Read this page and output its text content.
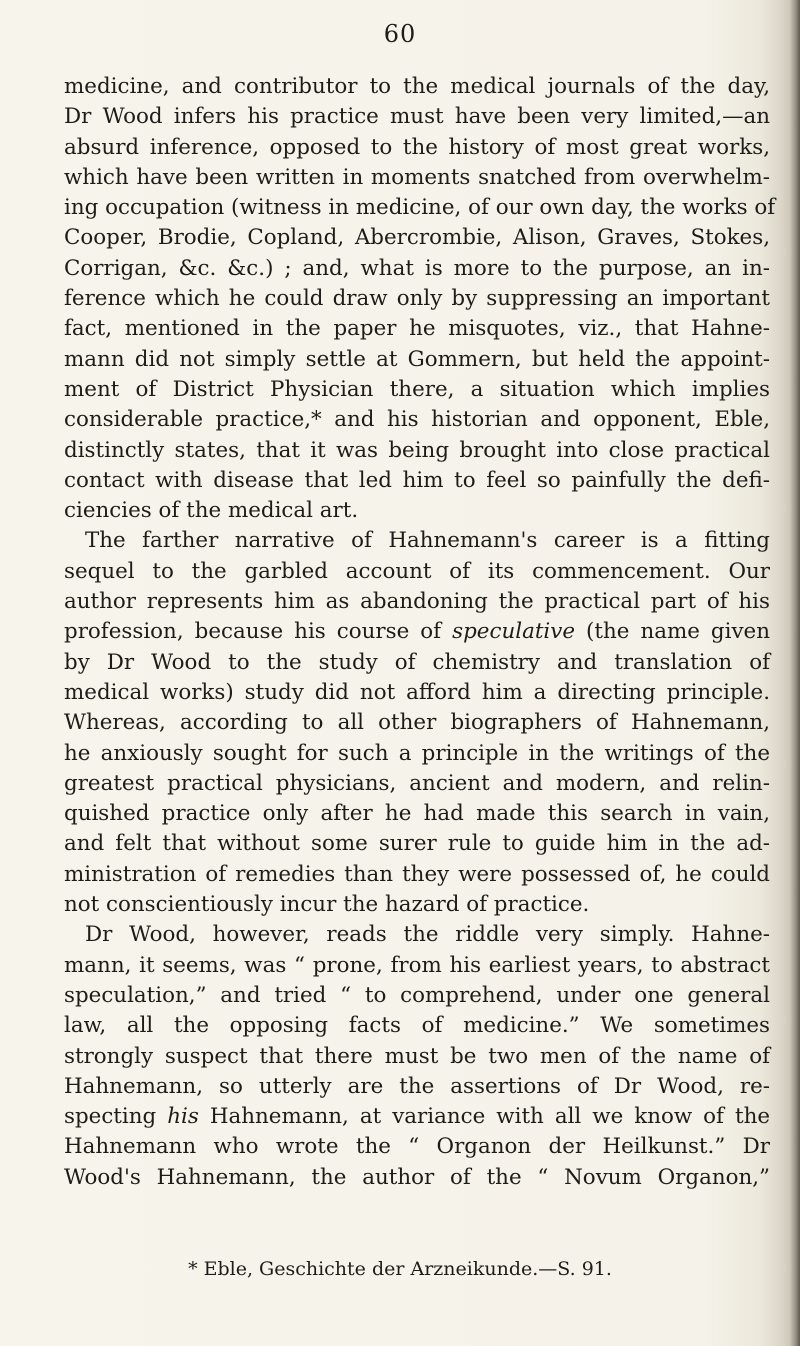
60

medicine, and contributor to the medical journals of the day,
Dr Wood infers his practice must have been very limited,—an
absurd inference, opposed to the history of most great works,
which have been written in moments snatched from overwhelm-
ing occupation (witness in medicine, of our own day, the works of
Cooper, Brodie, Copland, Abercrombie, Alison, Graves, Stokes,
Corrigan, &c. &c.) ; and, what is more to the purpose, an in-
ference which he could draw only by suppressing an important
fact, mentioned in the paper he misquotes, viz., that Hahne-
mann did not simply settle at Gommern, but held the appoint-
ment of District Physician there, a situation which implies
considerable practice,* and his historian and opponent, Eble,
distinctly states, that it was being brought into close practical
contact with disease that led him to feel so painfully the defi-
ciencies of the medical art.
The farther narrative of Hahnemann's career is a fitting
sequel to the garbled account of its commencement. Our
author represents him as abandoning the practical part of his
profession, because his course of speculative (the name given
by Dr Wood to the study of chemistry and translation of
medical works) study did not afford him a directing principle.
Whereas, according to all other biographers of Hahnemann,
he anxiously sought for such a principle in the writings of the
greatest practical physicians, ancient and modern, and relin-
quished practice only after he had made this search in vain,
and felt that without some surer rule to guide him in the ad-
ministration of remedies than they were possessed of, he could
not conscientiously incur the hazard of practice.
Dr Wood, however, reads the riddle very simply. Hahne-
mann, it seems, was “ prone, from his earliest years, to abstract
speculation,” and tried “ to comprehend, under one general
law, all the opposing facts of medicine.” We sometimes
strongly suspect that there must be two men of the name of
Hahnemann, so utterly are the assertions of Dr Wood, re-
specting his Hahnemann, at variance with all we know of the
Hahnemann who wrote the “ Organon der Heilkunst.” Dr
Wood's Hahnemann, the author of the “ Novum Organon,”

* Eble, Geschichte der Arzneikunde.—S. 91.
